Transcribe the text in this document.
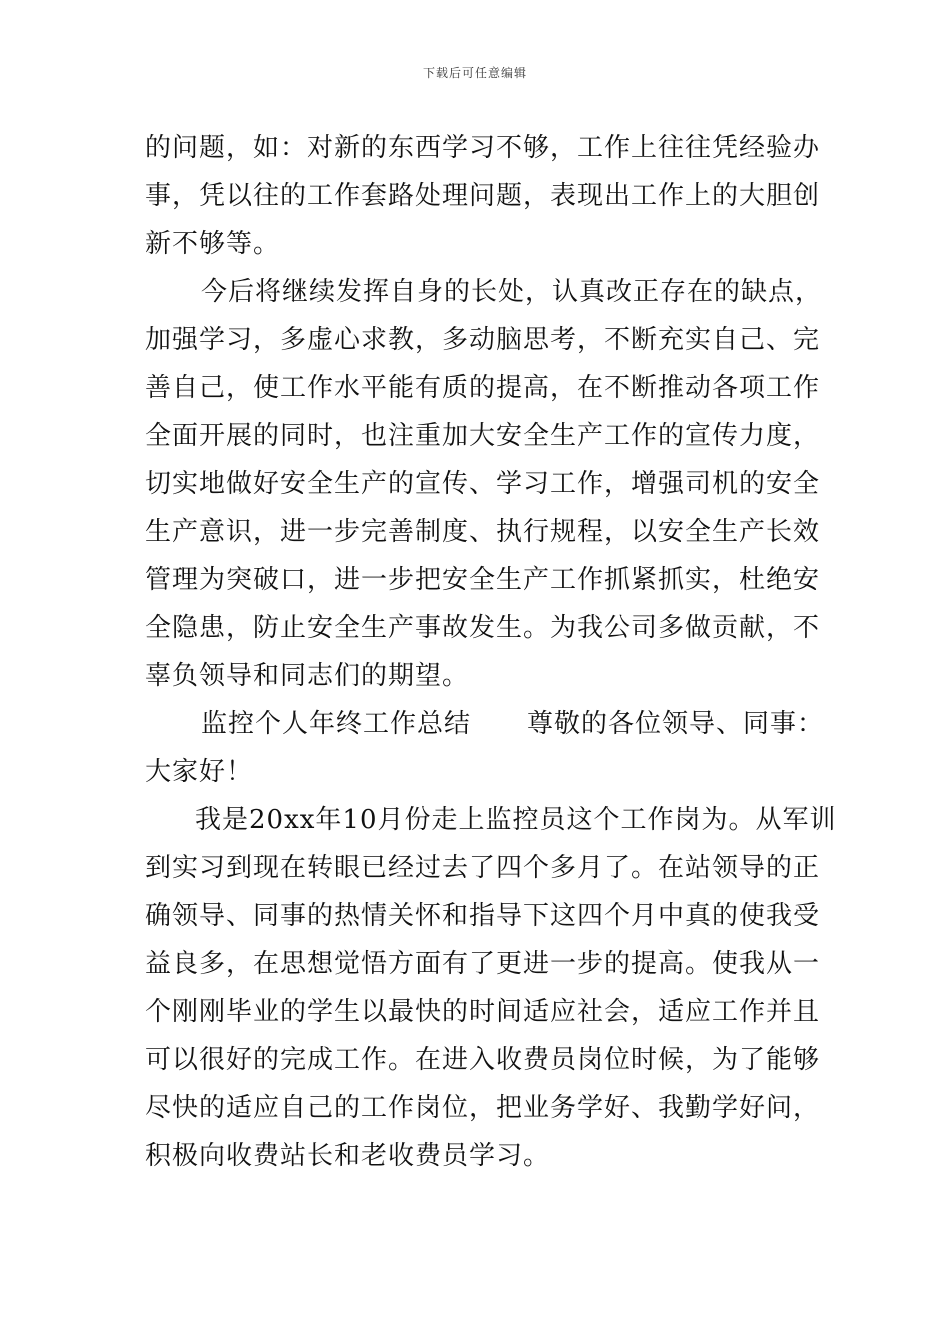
下载后可任意编辑
的问题，如：对新的东西学习不够，工作上往往凭经验办
事，凭以往的工作套路处理问题，表现出工作上的大胆创
新不够等。
今后将继续发挥自身的长处，认真改正存在的缺点，
加强学习，多虚心求教，多动脑思考，不断充实自己、完
善自己，使工作水平能有质的提高，在不断推动各项工作
全面开展的同时，也注重加大安全生产工作的宣传力度，
切实地做好安全生产的宣传、学习工作，增强司机的安全
生产意识，进一步完善制度、执行规程，以安全生产长效
管理为突破口，进一步把安全生产工作抓紧抓实，杜绝安
全隐患，防止安全生产事故发生。为我公司多做贡献，不
辜负领导和同志们的期望。
监控个人年终工作总结 尊敬的各位领导、同事：
大家好！
我是20xx年10月份走上监控员这个工作岗为。从军训
到实习到现在转眼已经过去了四个多月了。在站领导的正
确领导、同事的热情关怀和指导下这四个月中真的使我受
益良多，在思想觉悟方面有了更进一步的提高。使我从一
个刚刚毕业的学生以最快的时间适应社会，适应工作并且
可以很好的完成工作。在进入收费员岗位时候，为了能够
尽快的适应自己的工作岗位，把业务学好、我勤学好问，
积极向收费站长和老收费员学习。
